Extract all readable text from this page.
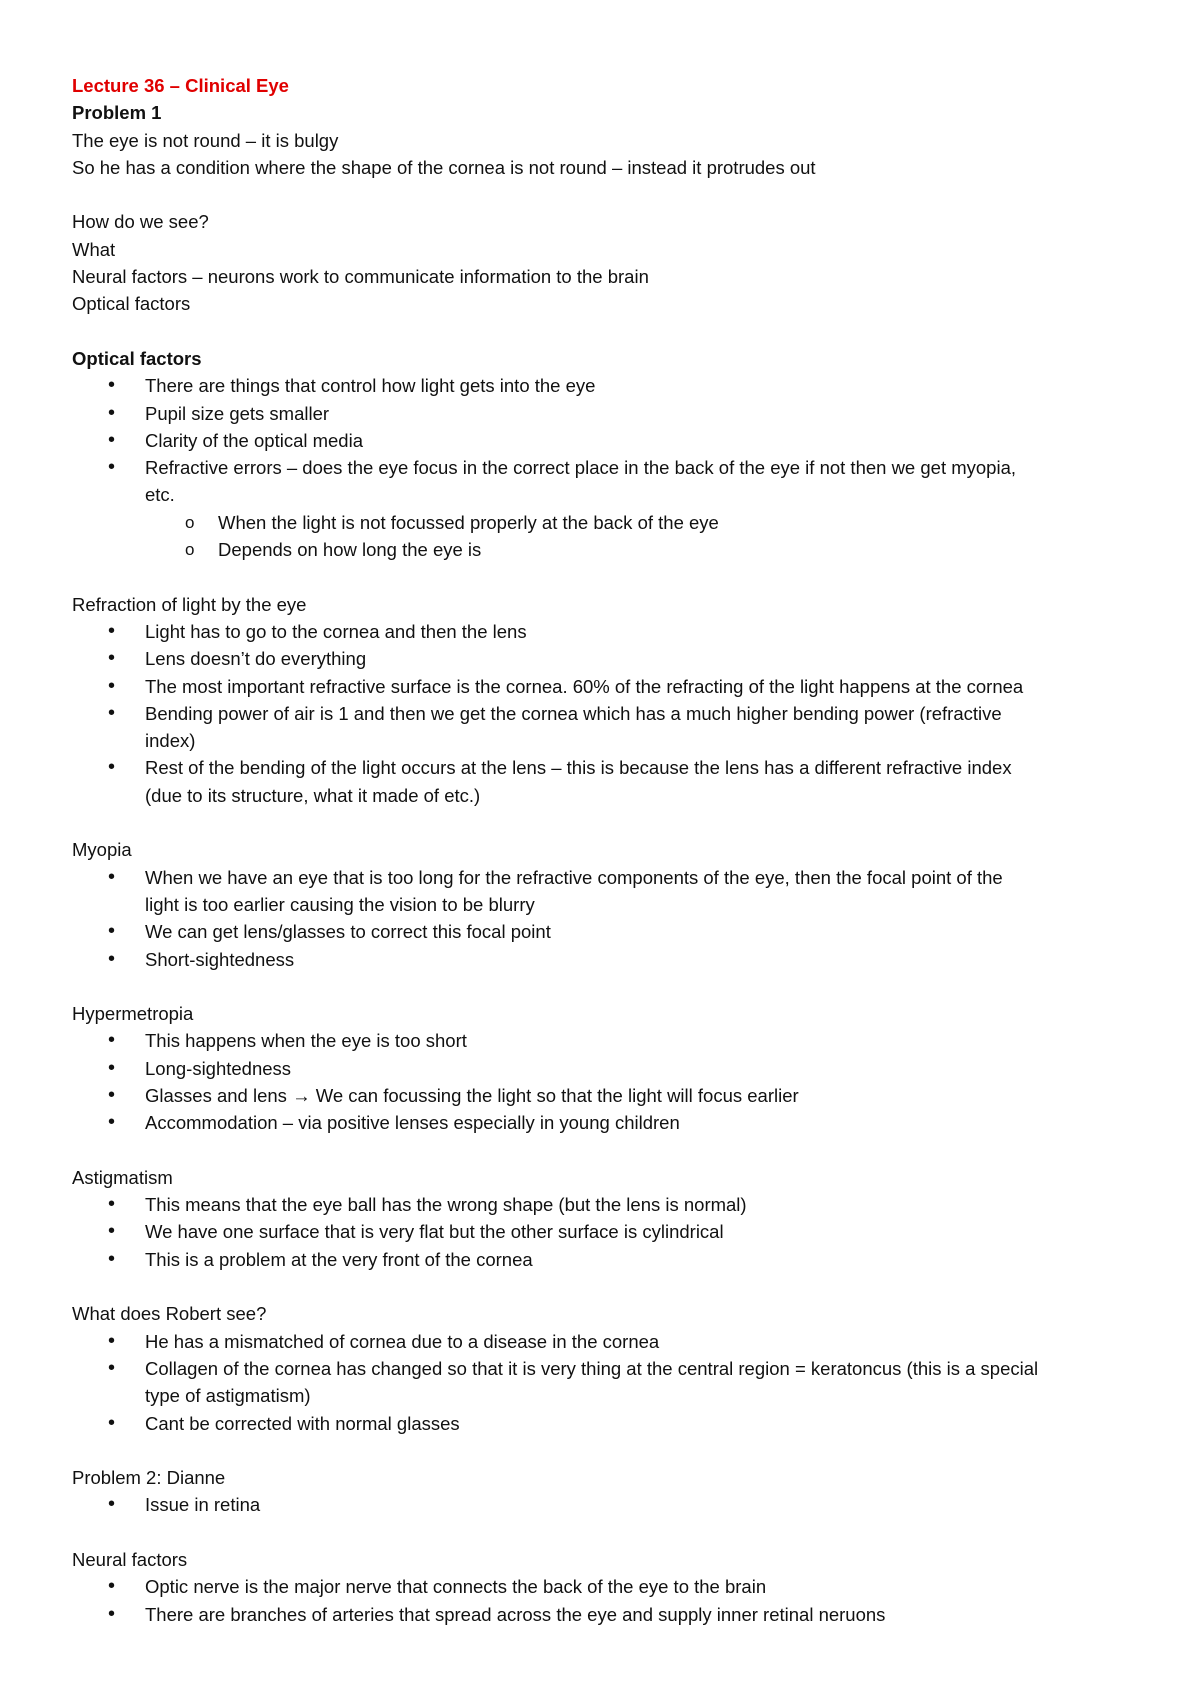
Lecture 36 – Clinical Eye

Problem 1

The eye is not round – it is bulgy

So he has a condition where the shape of the cornea is not round – instead it protrudes out

How do we see?

What

Neural factors – neurons work to communicate information to the brain

Optical factors

Optical factors

• There are things that control how light gets into the eye
• Pupil size gets smaller
• Clarity of the optical media
• Refractive errors – does the eye focus in the correct place in the back of the eye if not then we get myopia,
etc.
o When the light is not focussed properly at the back of the eye
o Depends on how long the eye is

Refraction of light by the eye

• Light has to go to the cornea and then the lens
• Lens doesn’t do everything
• The most important refractive surface is the cornea. 60% of the refracting of the light happens at the cornea
• Bending power of air is 1 and then we get the cornea which has a much higher bending power (refractive
index)
• Rest of the bending of the light occurs at the lens – this is because the lens has a different refractive index
(due to its structure, what it made of etc.)

Myopia

• When we have an eye that is too long for the refractive components of the eye, then the focal point of the
light is too earlier causing the vision to be blurry
• We can get lens/glasses to correct this focal point
• Short-sightedness

Hypermetropia

• This happens when the eye is too short
• Long-sightedness
• Glasses and lens → We can focussing the light so that the light will focus earlier
• Accommodation – via positive lenses especially in young children

Astigmatism

• This means that the eye ball has the wrong shape (but the lens is normal)
• We have one surface that is very flat but the other surface is cylindrical
• This is a problem at the very front of the cornea

What does Robert see?

• He has a mismatched of cornea due to a disease in the cornea
• Collagen of the cornea has changed so that it is very thing at the central region = keratoncus (this is a special
type of astigmatism)
• Cant be corrected with normal glasses

Problem 2: Dianne

• Issue in retina

Neural factors

• Optic nerve is the major nerve that connects the back of the eye to the brain
• There are branches of arteries that spread across the eye and supply inner retinal neruons
